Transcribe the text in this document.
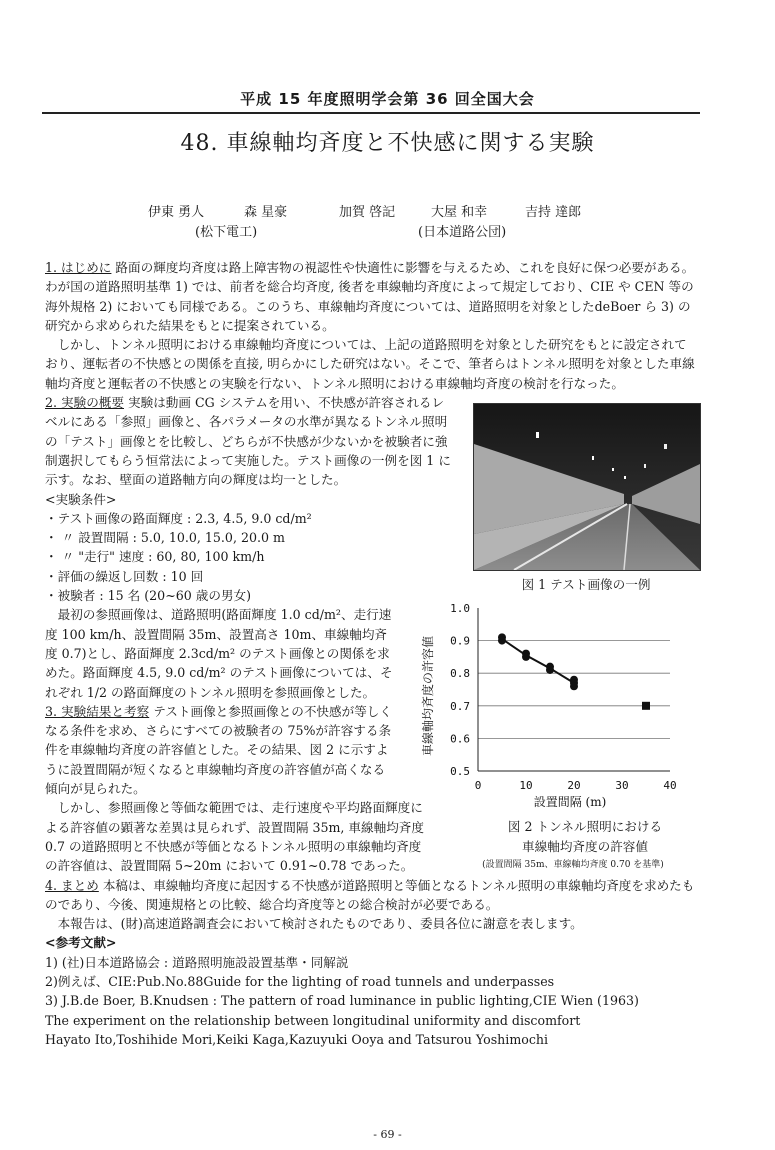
平成 15 年度照明学会第 36 回全国大会
48. 車線軸均斉度と不快感に関する実験
伊東 勇人	森 星豪	加賀 啓記	大屋 和幸	吉持 達郎
(松下電工)	(日本道路公団)

1. はじめに 路面の輝度均斉度は路上障害物の視認性や快適性に影響を与えるため、これを良好に保つ必要がある。わが国の道路照明基準 1) では、前者を総合均斉度, 後者を車線軸均斉度によって規定しており、CIE や CEN 等の海外規格 2) においても同様である。このうち、車線軸均斉度については、道路照明を対象としたdeBoer ら 3) の研究から求められた結果をもとに提案されている。

しかし、トンネル照明における車線軸均斉度については、上記の道路照明を対象とした研究をもとに設定されており、運転者の不快感との関係を直接, 明らかにした研究はない。そこで、筆者らはトンネル照明を対象とした車線軸均斉度と運転者の不快感との実験を行ない、トンネル照明における車線軸均斉度の検討を行なった。

2. 実験の概要 実験は動画 CG システムを用い、不快感が許容されるレベルにある「参照」画像と、各パラメータの水準が異なるトンネル照明の「テスト」画像とを比較し、どちらが不快感が少ないかを被験者に強制選択してもらう恒常法によって実施した。テスト画像の一例を図 1 に示す。なお、壁面の道路軸方向の輝度は均一とした。

<実験条件>

・テスト画像の路面輝度 : 2.3, 4.5, 9.0 cd/m²

・ 〃 設置間隔 : 5.0, 10.0, 15.0, 20.0 m

・ 〃 "走行" 速度 : 60, 80, 100 km/h

・評価の繰返し回数 : 10 回

・被験者 : 15 名 (20~60 歳の男女)

最初の参照画像は、道路照明(路面輝度 1.0 cd/m²、走行速度 100 km/h、設置間隔 35m、設置高さ 10m、車線軸均斉度 0.7)とし、路面輝度 2.3cd/m² のテスト画像との関係を求めた。路面輝度 4.5, 9.0 cd/m² のテスト画像については、それぞれ 1/2 の路面輝度のトンネル照明を参照画像とした。

3. 実験結果と考察 テスト画像と参照画像との不快感が等しくなる条件を求め、さらにすべての被験者の 75%が許容する条件を車線軸均斉度の許容値とした。その結果、図 2 に示すように設置間隔が短くなると車線軸均斉度の許容値が高くなる傾向が見られた。

しかし、参照画像と等価な範囲では、走行速度や平均路面輝度による許容値の顕著な差異は見られず、設置間隔 35m, 車線軸均斉度 0.7 の道路照明と不快感が等価となるトンネル照明の車線軸均斉度の許容値は、設置間隔 5~20m において 0.91~0.78 であった。

4. まとめ 本稿は、車線軸均斉度に起因する不快感が道路照明と等価となるトンネル照明の車線軸均斉度を求めたものであり、今後、関連規格との比較、総合均斉度等との総合検討が必要である。

本報告は、(財)高速道路調査会において検討されたものであり、委員各位に謝意を表します。

<参考文献>

1) (社)日本道路協会 : 道路照明施設設置基準・同解説

2)例えば、CIE:Pub.No.88Guide for the lighting of road tunnels and underpasses

3) J.B.de Boer, B.Knudsen : The pattern of road luminance in public lighting,CIE Wien (1963)

The experiment on the relationship between longitudinal uniformity and discomfort

Hayato Ito,Toshihide Mori,Keiki Kaga,Kazuyuki Ooya and Tatsurou Yoshimochi

図 1 テスト画像の一例
0.5
0.6
0.7
0.8
0.9
1.0
0	10	20	30	40
車線軸均斉度の許容値
設置間隔 (m)
図 2 トンネル照明における
車線軸均斉度の許容値
(設置間隔 35m、車線軸均斉度 0.70 を基準)
- 69 -
